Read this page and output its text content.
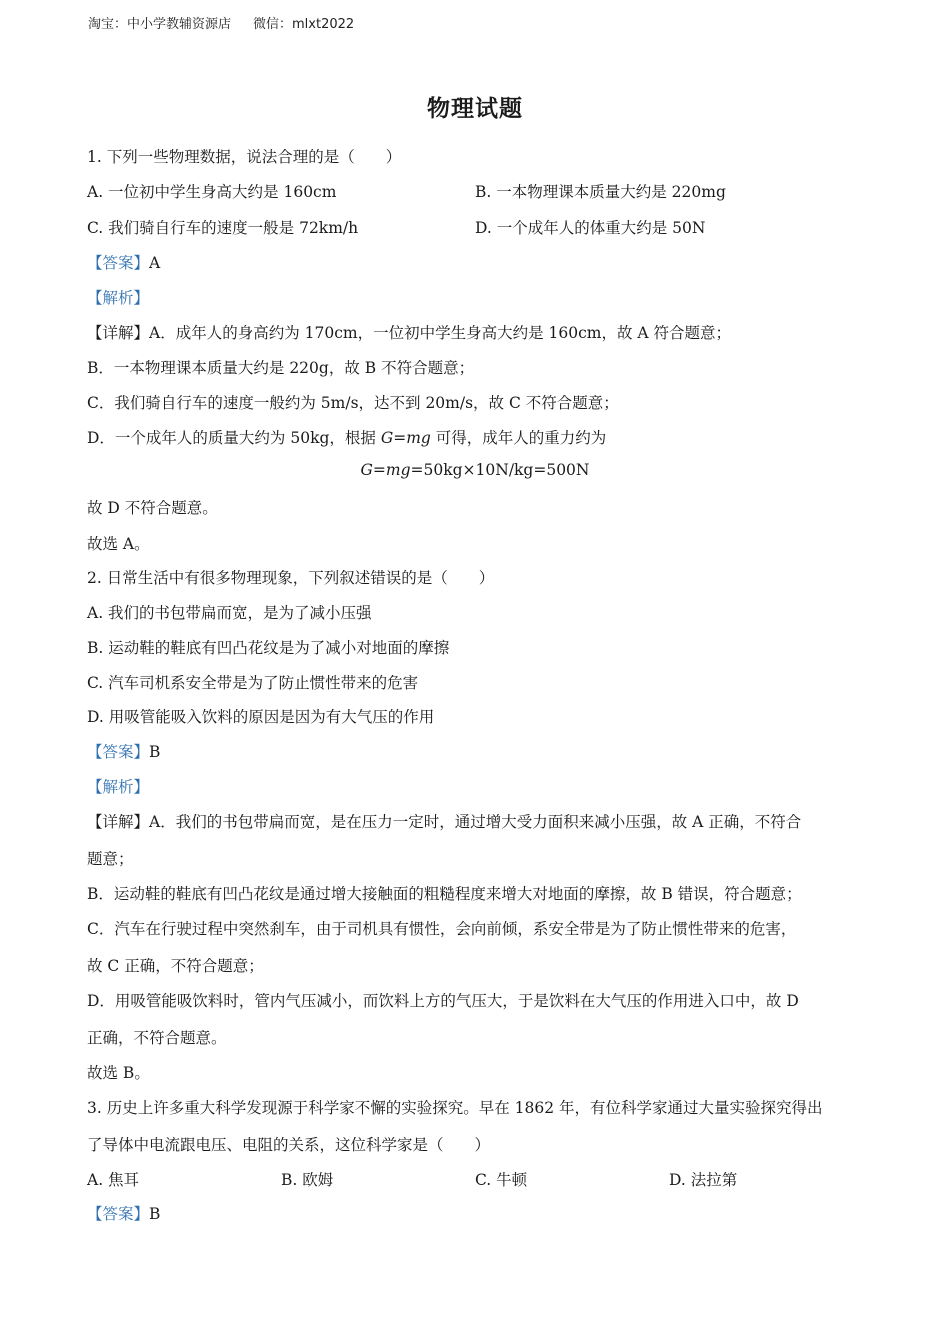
淘宝：中小学教辅资源店 微信：mlxt2022
物理试题
1. 下列一些物理数据，说法合理的是（　　）
A. 一位初中学生身高大约是 160cm	B. 一本物理课本质量大约是 220mg
C. 我们骑自行车的速度一般是 72km/h	D. 一个成年人的体重大约是 50N
【答案】A
【解析】
【详解】A．成年人的身高约为 170cm，一位初中学生身高大约是 160cm，故 A 符合题意；
B．一本物理课本质量大约是 220g，故 B 不符合题意；
C．我们骑自行车的速度一般约为 5m/s，达不到 20m/s，故 C 不符合题意；
D．一个成年人的质量大约为 50kg，根据 G=mg 可得，成年人的重力约为
G=mg=50kg×10N/kg=500N
故 D 不符合题意。
故选 A。
2. 日常生活中有很多物理现象，下列叙述错误的是（　　）
A. 我们的书包带扁而宽，是为了减小压强
B. 运动鞋的鞋底有凹凸花纹是为了减小对地面的摩擦
C. 汽车司机系安全带是为了防止惯性带来的危害
D. 用吸管能吸入饮料的原因是因为有大气压的作用
【答案】B
【解析】
【详解】A．我们的书包带扁而宽，是在压力一定时，通过增大受力面积来减小压强，故 A 正确，不符合
题意；
B．运动鞋的鞋底有凹凸花纹是通过增大接触面的粗糙程度来增大对地面的摩擦，故 B 错误，符合题意；
C．汽车在行驶过程中突然刹车，由于司机具有惯性，会向前倾，系安全带是为了防止惯性带来的危害，
故 C 正确，不符合题意；
D．用吸管能吸饮料时，管内气压减小，而饮料上方的气压大，于是饮料在大气压的作用进入口中，故 D
正确，不符合题意。
故选 B。
3. 历史上许多重大科学发现源于科学家不懈的实验探究。早在 1862 年，有位科学家通过大量实验探究得出
了导体中电流跟电压、电阻的关系，这位科学家是（　　）
A. 焦耳	B. 欧姆	C. 牛顿	D. 法拉第
【答案】B
